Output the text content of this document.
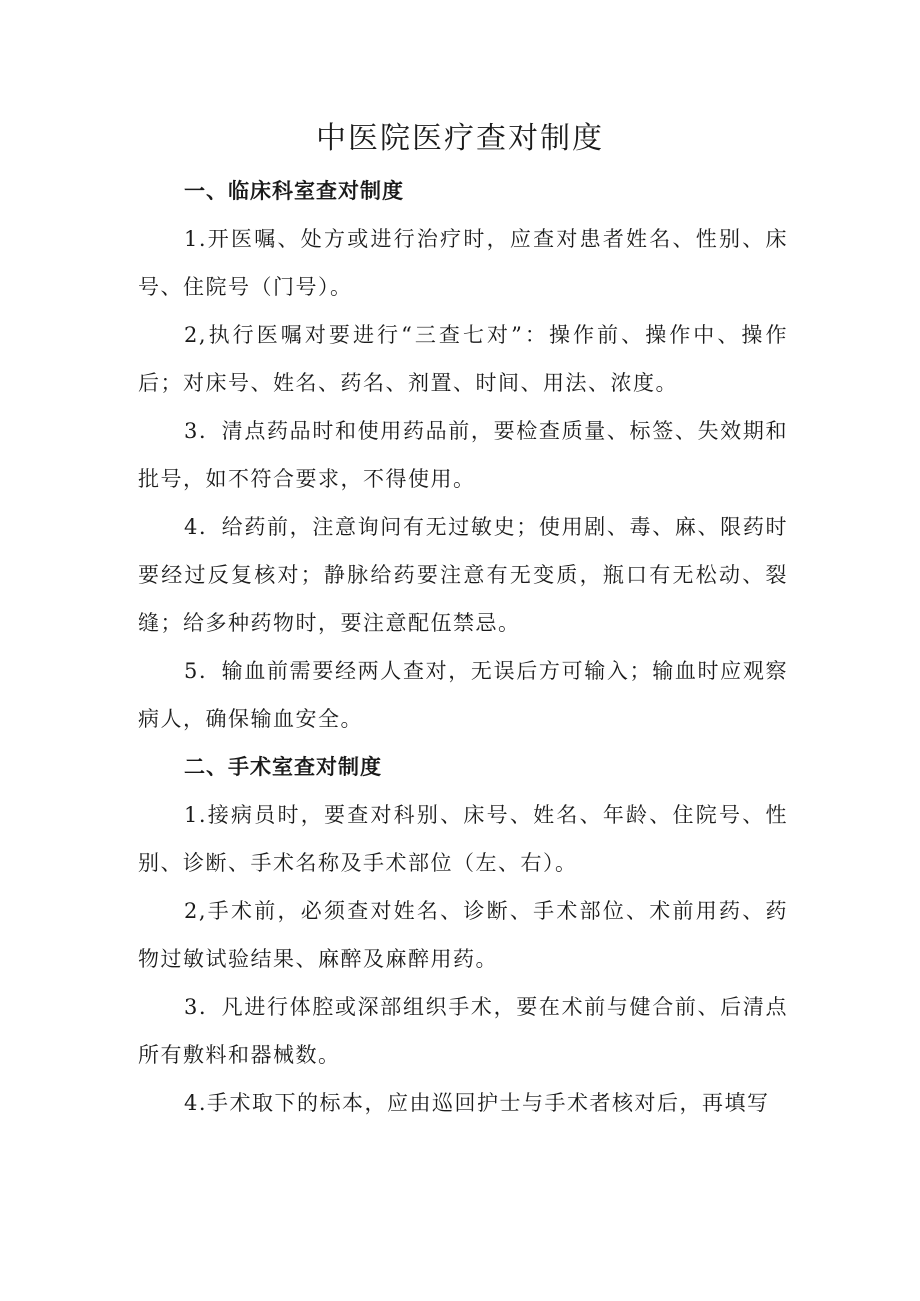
中医院医疗查对制度
一、临床科室查对制度

1.开医嘱、处方或进行治疗时，应查对患者姓名、性别、床号、住院号（门号）。

2,执行医嘱对要进行“三查七对”：操作前、操作中、操作后；对床号、姓名、药名、剂置、时间、用法、浓度。

3．清点药品时和使用药品前，要检查质量、标签、失效期和批号，如不符合要求，不得使用。

4．给药前，注意询问有无过敏史；使用剧、毒、麻、限药时要经过反复核对；静脉给药要注意有无变质，瓶口有无松动、裂缝；给多种药物时，要注意配伍禁忌。

5．输血前需要经两人查对，无误后方可输入；输血时应观察病人，确保输血安全。

二、手术室查对制度

1.接病员时，要查对科别、床号、姓名、年龄、住院号、性别、诊断、手术名称及手术部位（左、右）。

2,手术前，必须查对姓名、诊断、手术部位、术前用药、药物过敏试验结果、麻醉及麻醉用药。

3．凡进行体腔或深部组织手术，要在术前与健合前、后清点所有敷料和器械数。

4.手术取下的标本，应由巡回护士与手术者核对后，再填写
